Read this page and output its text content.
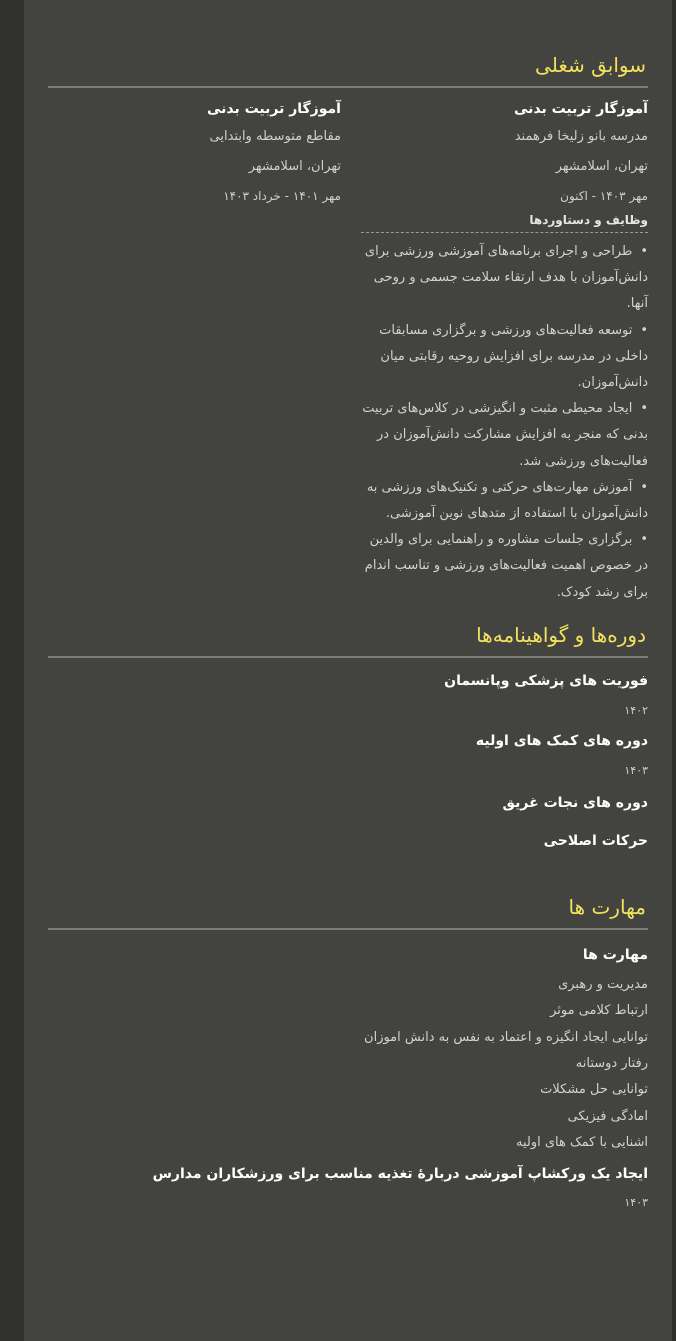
سوابق شغلی
آموزگار تربیت بدنی
مدرسه بانو زلیخا فرهمند
تهران، اسلامشهر
مهر ۱۴۰۳ - اکنون
آموزگار تربیت بدنی
مقاطع متوسطه وابتدایی
تهران، اسلامشهر
مهر ۱۴۰۱ - خرداد ۱۴۰۳
وظایف و دستاوردها
•طراحی و اجرای برنامه‌های آموزشی ورزشی برای دانش‌آموزان با هدف ارتقاء سلامت جسمی و روحی آنها.
•توسعه فعالیت‌های ورزشی و برگزاری مسابقات داخلی در مدرسه برای افزایش روحیه رقابتی میان دانش‌آموزان.
•ایجاد محیطی مثبت و انگیزشی در کلاس‌های تربیت بدنی که منجر به افزایش مشارکت دانش‌آموزان در فعالیت‌های ورزشی شد.
•آموزش مهارت‌های حرکتی و تکنیک‌های ورزشی به دانش‌آموزان با استفاده از متدهای نوین آموزشی.
•برگزاری جلسات مشاوره و راهنمایی برای والدین در خصوص اهمیت فعالیت‌های ورزشی و تناسب اندام برای رشد کودک.
دوره‌ها و گواهینامه‌ها
فوریت های پزشکی وپانسمان
۱۴۰۲
دوره های کمک های اولیه
۱۴۰۳
دوره های نجات غریق
حرکات اصلاحی
مهارت ها
مهارت ها
مدیریت و رهبری
ارتباط کلامی موثر
توانایی ایجاد انگیزه و اعتماد به نفس به دانش اموزان
رفتار دوستانه
توانایی حل مشکلات
امادگی فیزیکی
اشنایی با کمک های اولیه
ایجاد یک ورکشاپ آموزشی دربارهٔ تغذیه مناسب برای ورزشکاران مدارس
۱۴۰۳
